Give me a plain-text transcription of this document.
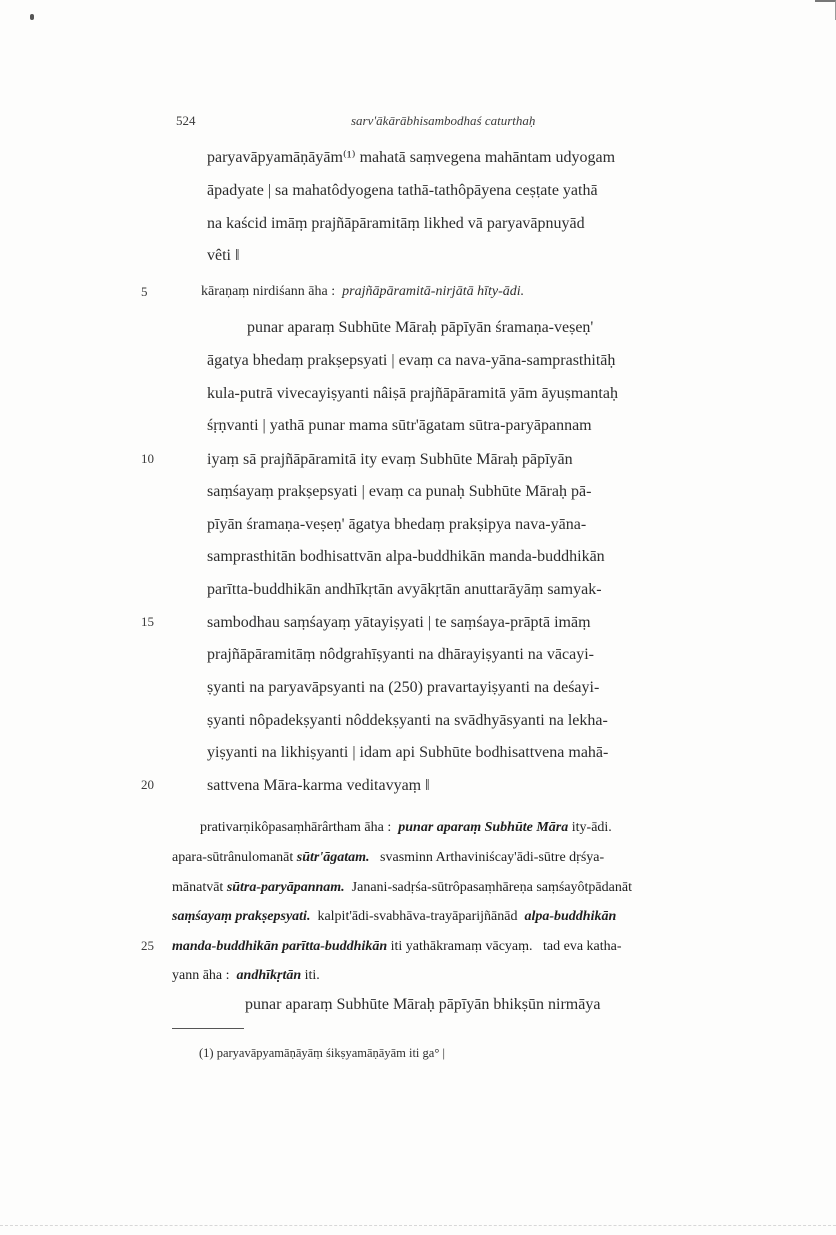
524	sarv'ākārābhisambodhaś caturthaḥ
paryavāpyamāṇāyām⁽¹⁾ mahatā saṃvegena mahāntam udyogam
āpadyate | sa mahatôdyogena tathā-tathôpāyena ceṣṭate yathā
na kaścid imāṃ prajñāpāramitāṃ likhed vā paryavāpnuyād
vêti ‖
5	kāraṇaṃ nirdiśann āha : prajñāpāramitā-nirjātā hīty-ādi.
punar aparaṃ Subhūte Māraḥ pāpīyān śramaṇa-veṣeṇ'
āgatya bhedaṃ prakṣepsyati | evaṃ ca nava-yāna-samprasthitāḥ
kula-putrā vivecayiṣyanti nâiṣā prajñāpāramitā yām āyuṣmantaḥ
śṛṇvanti | yathā punar mama sūtr'āgatam sūtra-paryāpannam
10	iyaṃ sā prajñāpāramitā ity evaṃ Subhūte Māraḥ pāpīyān
saṃśayaṃ prakṣepsyati | evaṃ ca punaḥ Subhūte Māraḥ pā-
pīyān śramaṇa-veṣeṇ' āgatya bhedaṃ prakṣipya nava-yāna-
samprasthitān bodhisattvān alpa-buddhikān manda-buddhikān
parītta-buddhikān andhīkṛtān avyākṛtān anuttarāyāṃ samyak-
15	sambodhau saṃśayaṃ yātayiṣyati | te saṃśaya-prāptā imāṃ
prajñāpāramitāṃ nôdgrahīṣyanti na dhārayiṣyanti na vācayi-
ṣyanti na paryavāpsyanti na (250) pravartayiṣyanti na deśayi-
ṣyanti nôpadekṣyanti nôddekṣyanti na svādhyāsyanti na lekha-
yiṣyanti na likhiṣyanti | idam api Subhūte bodhisattvena mahā-
20	sattvena Māra-karma veditavyaṃ ‖
prativarṇikôpasaṃhārârtham āha : punar aparaṃ Subhūte Māra ity-ādi.
apara-sūtrânulomanāt sūtr'āgatam. svasminn Arthaviniścay'ādi-sūtre dṛśya-
mānatvāt sūtra-paryāpannam. Janani-sadṛśa-sūtrôpasaṃhāreṇa saṃśayôtpādanāt
saṃśayaṃ prakṣepsyati. kalpit'ādi-svabhāva-trayāparijñānād alpa-buddhikān
25 manda-buddhikān parītta-buddhikān iti yathākramaṃ vācyaṃ. tad eva katha-
yann āha : andhīkṛtān iti.
punar aparaṃ Subhūte Māraḥ pāpīyān bhikṣūn nirmāya
(1) paryavāpyamāṇāyāṃ śikṣyamāṇāyām iti ga° |
